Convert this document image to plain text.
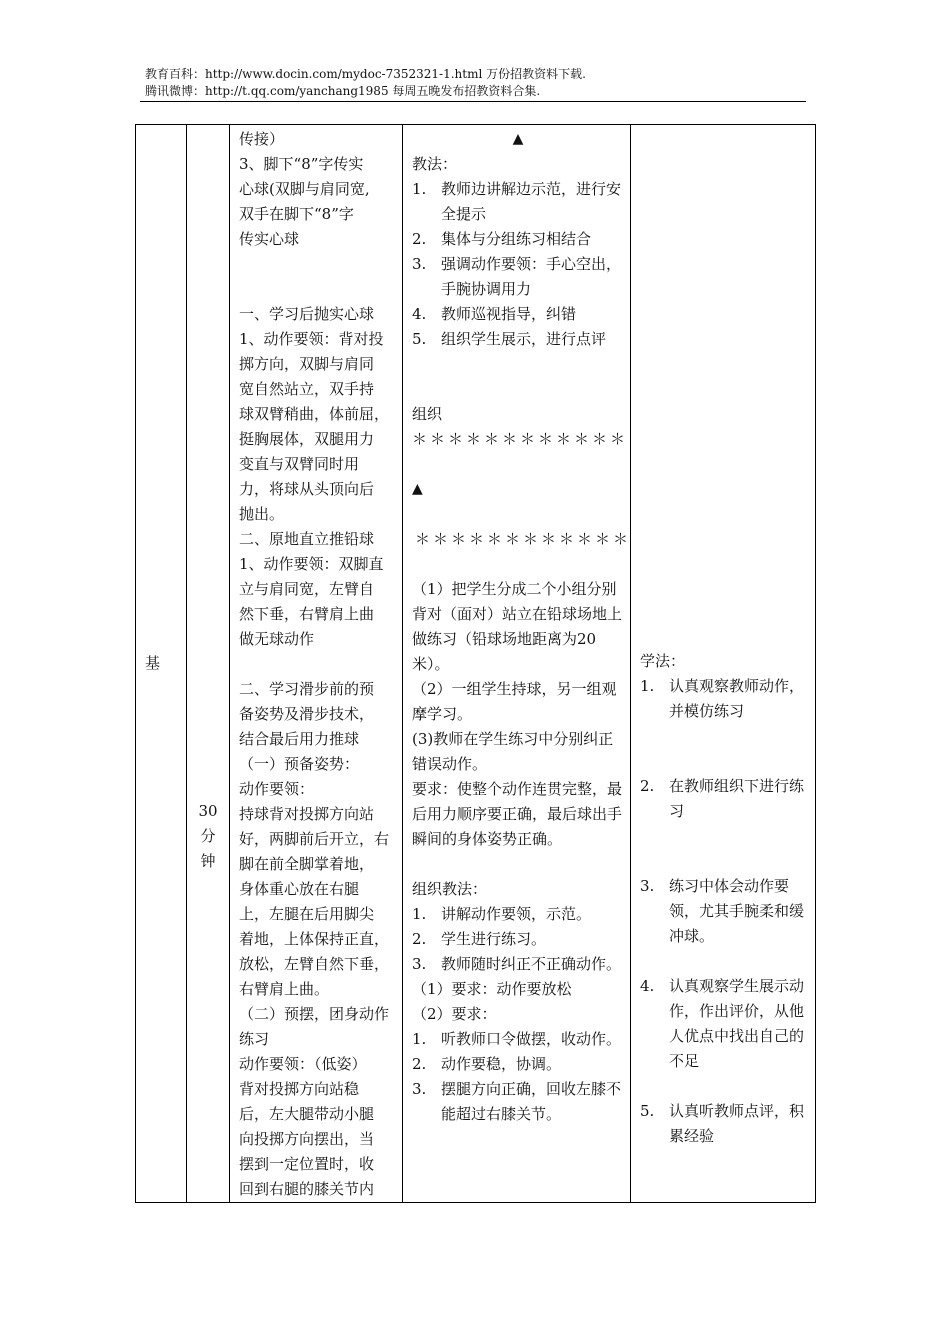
教育百科：http://www.docin.com/mydoc-7352321-1.html 万份招教资料下载.
腾讯微博：http://t.qq.com/yanchang1985 每周五晚发布招教资料合集.
基

30
分
钟

传接）
3、脚下“8”字传实
心球(双脚与肩同宽,
双手在脚下“8”字
传实心球
一、学习后抛实心球
1、动作要领：背对投
掷方向，双脚与肩同
宽自然站立，双手持
球双臂稍曲，体前屈，
挺胸展体，双腿用力
变直与双臂同时用
力，将球从头顶向后
抛出。
二、原地直立推铅球
1、动作要领：双脚直
立与肩同宽，左臂自
然下垂，右臂肩上曲
做无球动作
二、学习滑步前的预
备姿势及滑步技术，
结合最后用力推球
（一）预备姿势：
动作要领：
持球背对投掷方向站
好，两脚前后开立，右
脚在前全脚掌着地，
身体重心放在右腿
上，左腿在后用脚尖
着地，上体保持正直，
放松，左臂自然下垂，
右臂肩上曲。
（二）预摆，团身动作
练习
动作要领：（低姿）
背对投掷方向站稳
后，左大腿带动小腿
向投掷方向摆出，当
摆到一定位置时，收
回到右腿的膝关节内

▲
教法：
1. 教师边讲解边示范，进行安全提示
2. 集体与分组练习相结合
3. 强调动作要领：手心空出，手腕协调用力
4. 教师巡视指导，纠错
5. 组织学生展示，进行点评
组织
＊＊＊＊＊＊＊＊＊＊＊＊
▲
＊＊＊＊＊＊＊＊＊＊＊＊
（1）把学生分成二个小组分别背对（面对）站立在铅球场地上做练习（铅球场地距离为20米）。
（2）一组学生持球，另一组观摩学习。
(3)教师在学生练习中分别纠正错误动作。
要求：使整个动作连贯完整，最后用力顺序要正确，最后球出手瞬间的身体姿势正确。
组织教法：
1. 讲解动作要领，示范。
2. 学生进行练习。
3. 教师随时纠正不正确动作。
（1）要求：动作要放松
（2）要求：
1. 听教师口令做摆，收动作。
2. 动作要稳，协调。
3. 摆腿方向正确，回收左膝不能超过右膝关节。

学法：
1. 认真观察教师动作，并模仿练习
2. 在教师组织下进行练习
3. 练习中体会动作要领，尤其手腕柔和缓冲球。
4. 认真观察学生展示动作，作出评价，从他人优点中找出自己的不足
5. 认真听教师点评，积累经验
